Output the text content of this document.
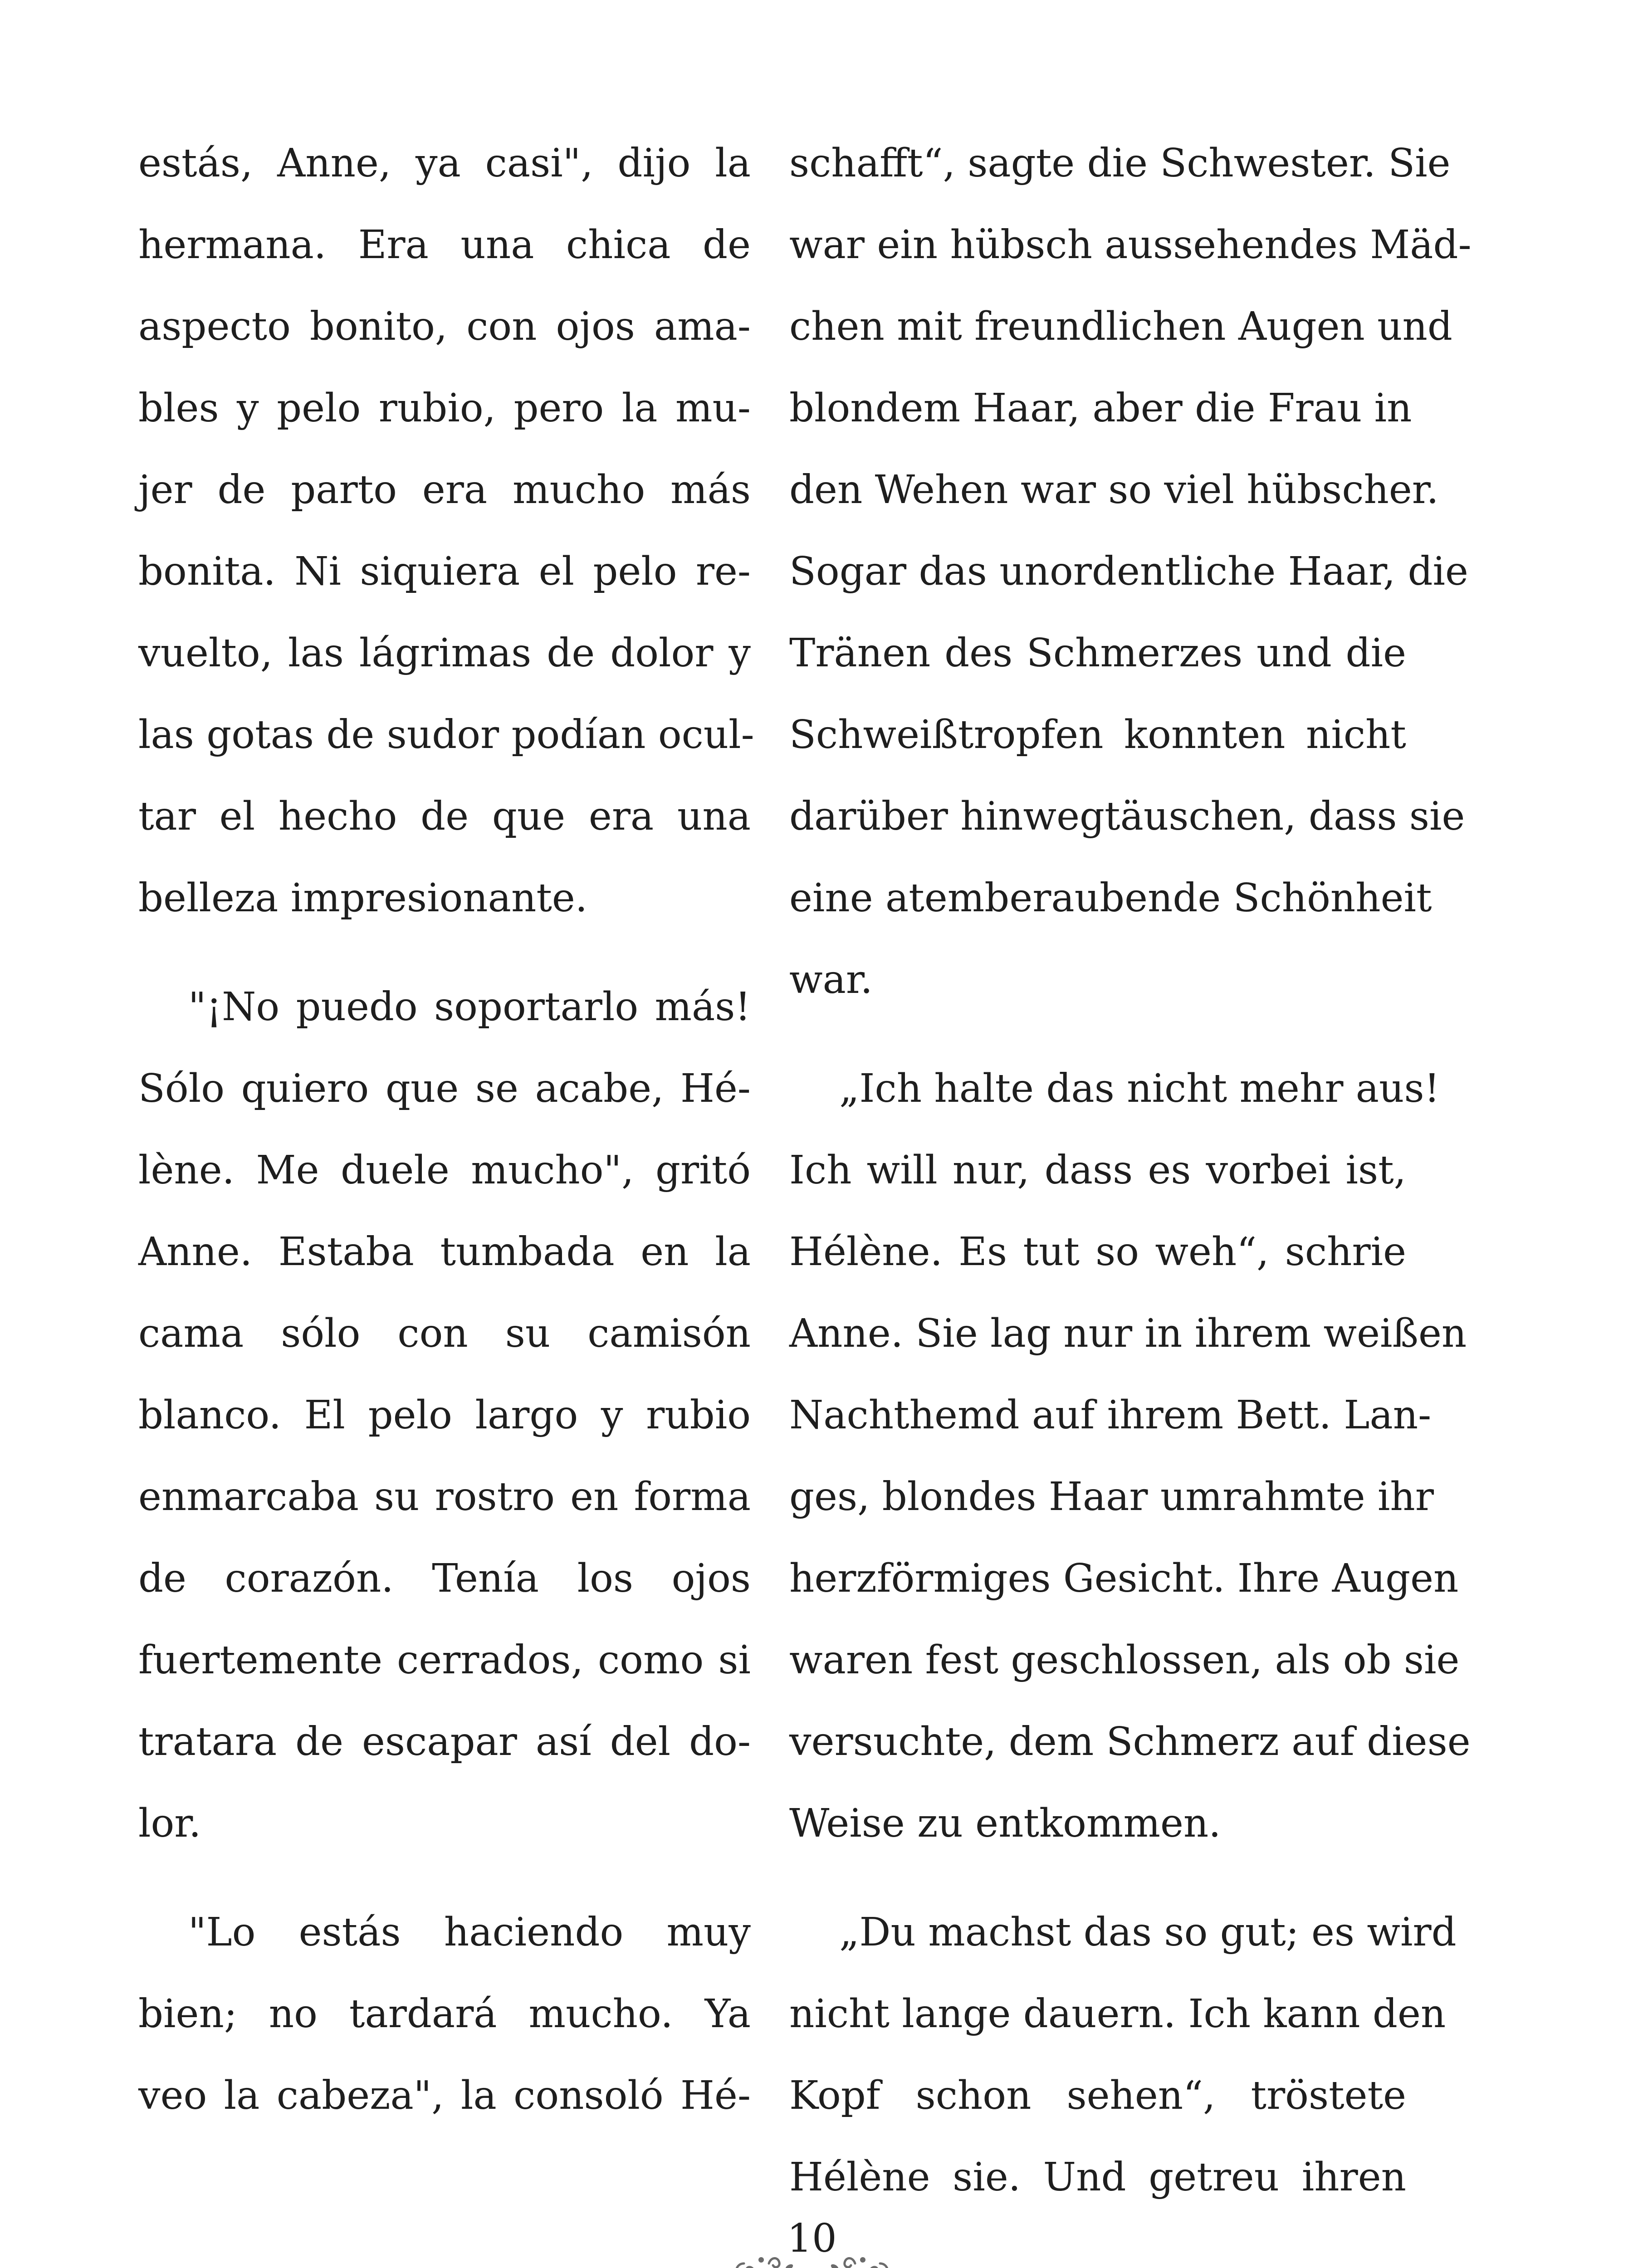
estás, Anne, ya casi", dijo la
hermana. Era una chica de
aspecto bonito, con ojos ama-
bles y pelo rubio, pero la mu-
jer de parto era mucho más
bonita. Ni siquiera el pelo re-
vuelto, las lágrimas de dolor y
las gotas de sudor podían ocul-
tar el hecho de que era una
belleza impresionante.
"¡No puedo soportarlo más!
Sólo quiero que se acabe, Hé-
lène. Me duele mucho", gritó
Anne. Estaba tumbada en la
cama sólo con su camisón
blanco. El pelo largo y rubio
enmarcaba su rostro en forma
de corazón. Tenía los ojos
fuertemente cerrados, como si
tratara de escapar así del do-
lor.
"Lo estás haciendo muy
bien; no tardará mucho. Ya
veo la cabeza", la consoló Hé-
schafft“, sagte die Schwester. Sie
war ein hübsch aussehendes Mäd-
chen mit freundlichen Augen und
blondem Haar, aber die Frau in
den Wehen war so viel hübscher.
Sogar das unordentliche Haar, die
Tränen des Schmerzes und die
Schweißtropfen konnten nicht
darüber hinwegtäuschen, dass sie
eine atemberaubende Schönheit
war.
„Ich halte das nicht mehr aus!
Ich will nur, dass es vorbei ist,
Hélène. Es tut so weh“, schrie
Anne. Sie lag nur in ihrem weißen
Nachthemd auf ihrem Bett. Lan-
ges, blondes Haar umrahmte ihr
herzförmiges Gesicht. Ihre Augen
waren fest geschlossen, als ob sie
versuchte, dem Schmerz auf diese
Weise zu entkommen.
„Du machst das so gut; es wird
nicht lange dauern. Ich kann den
Kopf schon sehen“, tröstete
Hélène sie. Und getreu ihren
10
